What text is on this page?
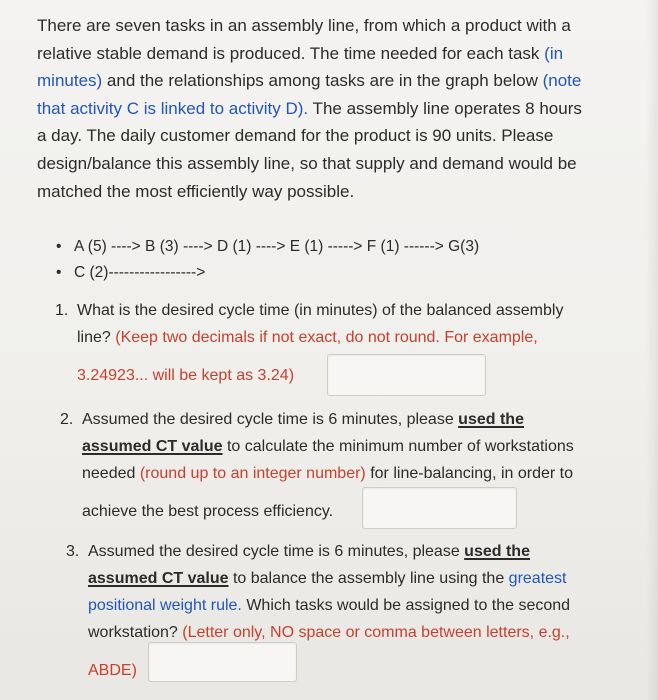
There are seven tasks in an assembly line, from which a product with a
relative stable demand is produced. The time needed for each task (in
minutes) and the relationships among tasks are in the graph below (note
that activity C is linked to activity D). The assembly line operates 8 hours
a day. The daily customer demand for the product is 90 units. Please
design/balance this assembly line, so that supply and demand would be
matched the most efficiently way possible.
• A (5) ----> B (3) ----> D (1) ----> E (1) -----> F (1) ------> G(3)
• C (2)----------------->
1. What is the desired cycle time (in minutes) of the balanced assembly
line? (Keep two decimals if not exact, do not round. For example,
3.24923... will be kept as 3.24)
2. Assumed the desired cycle time is 6 minutes, please used the
assumed CT value to calculate the minimum number of workstations
needed (round up to an integer number) for line-balancing, in order to
achieve the best process efficiency.
3. Assumed the desired cycle time is 6 minutes, please used the
assumed CT value to balance the assembly line using the greatest
positional weight rule. Which tasks would be assigned to the second
workstation? (Letter only, NO space or comma between letters, e.g.,
ABDE)
